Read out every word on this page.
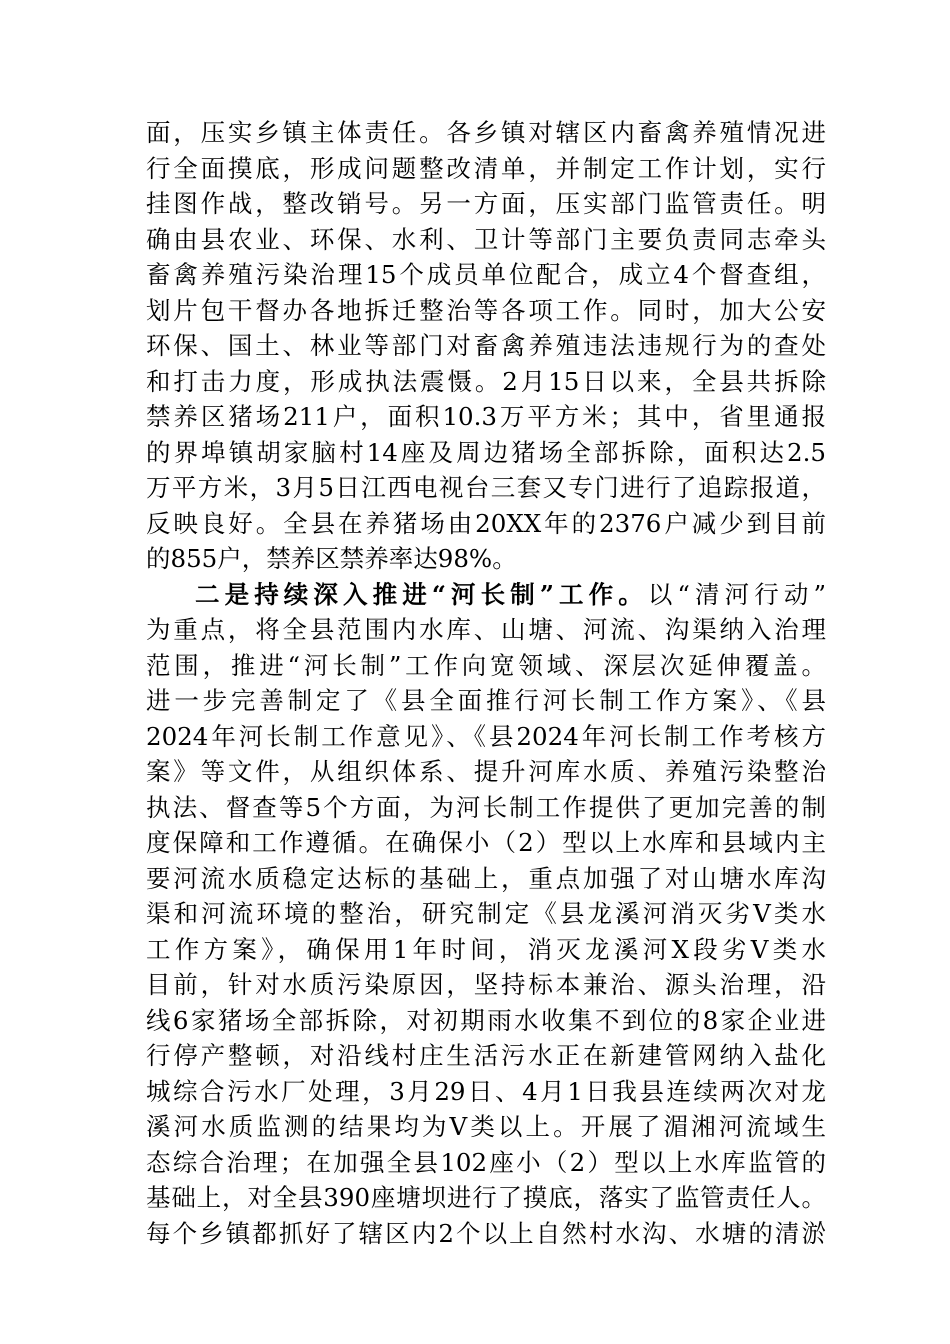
面，压实乡镇主体责任。各乡镇对辖区内畜禽养殖情况进
行全面摸底，形成问题整改清单，并制定工作计划，实行
挂图作战，整改销号。另一方面，压实部门监管责任。明
确由县农业、环保、水利、卫计等部门主要负责同志牵头
畜禽养殖污染治理15个成员单位配合，成立4个督查组，
划片包干督办各地拆迁整治等各项工作。同时，加大公安
环保、国土、林业等部门对畜禽养殖违法违规行为的查处
和打击力度，形成执法震慑。2月15日以来，全县共拆除
禁养区猪场211户，面积10.3万平方米；其中，省里通报
的界埠镇胡家脑村14座及周边猪场全部拆除，面积达2.5
万平方米，3月5日江西电视台三套又专门进行了追踪报道，
反映良好。全县在养猪场由20XX年的2376户减少到目前
的855户，禁养区禁养率达98%。
二是持续深入推进“河长制”工作。以“清河行动”
为重点，将全县范围内水库、山塘、河流、沟渠纳入治理
范围，推进“河长制”工作向宽领域、深层次延伸覆盖。
进一步完善制定了《县全面推行河长制工作方案》、《县
2024年河长制工作意见》、《县2024年河长制工作考核方
案》等文件，从组织体系、提升河库水质、养殖污染整治
执法、督查等5个方面，为河长制工作提供了更加完善的制
度保障和工作遵循。在确保小（2）型以上水库和县域内主
要河流水质稳定达标的基础上，重点加强了对山塘水库沟
渠和河流环境的整治，研究制定《县龙溪河消灭劣Ⅴ类水
工作方案》，确保用1年时间，消灭龙溪河X段劣Ⅴ类水
目前，针对水质污染原因，坚持标本兼治、源头治理，沿
线6家猪场全部拆除，对初期雨水收集不到位的8家企业进
行停产整顿，对沿线村庄生活污水正在新建管网纳入盐化
城综合污水厂处理，3月29日、4月1日我县连续两次对龙
溪河水质监测的结果均为Ⅴ类以上。开展了湄湘河流域生
态综合治理；在加强全县102座小（2）型以上水库监管的
基础上，对全县390座塘坝进行了摸底，落实了监管责任人。
每个乡镇都抓好了辖区内2个以上自然村水沟、水塘的清淤
